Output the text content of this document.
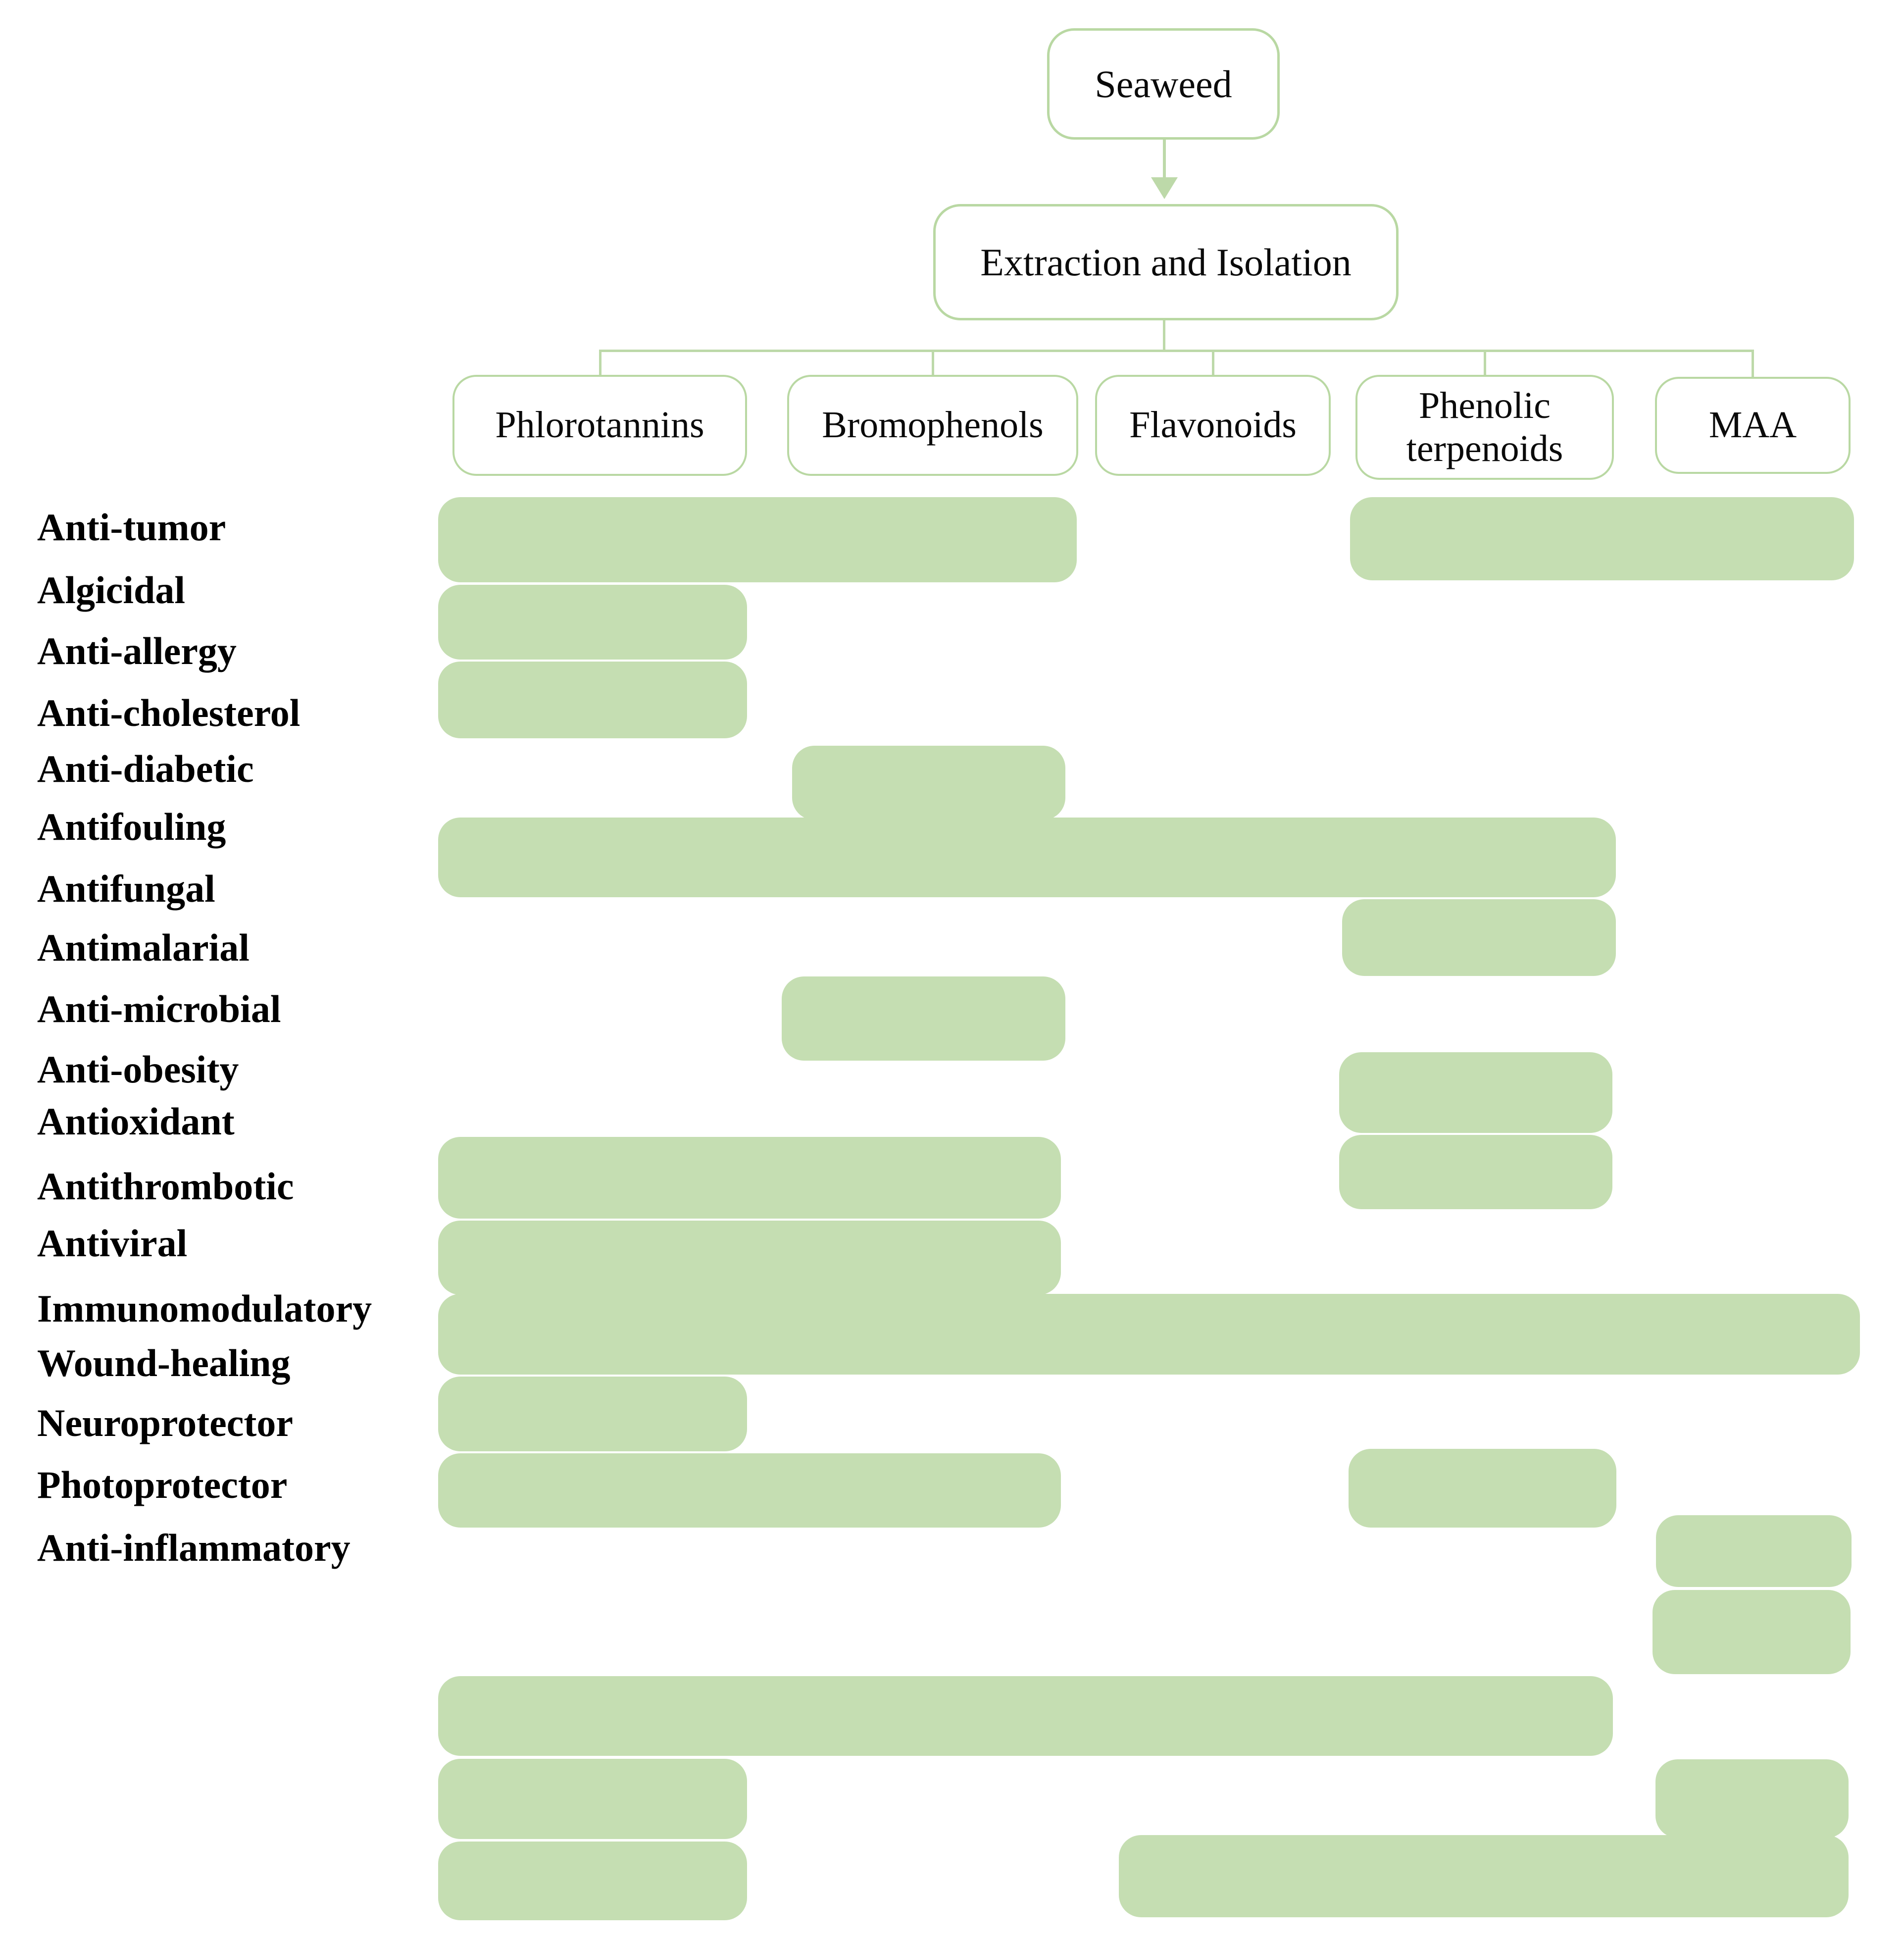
Seaweed
Extraction and Isolation
Phlorotannins	Bromophenols Flavonoids	Phenolic terpenoids
MAA
Anti-tumor
Algicidal
Anti-allergy
Anti-cholesterol
Anti-diabetic
Antifouling
Antifungal
Antimalarial
Anti-microbial
Anti-obesity
Antioxidant
Antithrombotic
Antiviral
Immunomodulatory
Wound-healing
Neuroprotector
Photoprotector
Anti-inflammatory
